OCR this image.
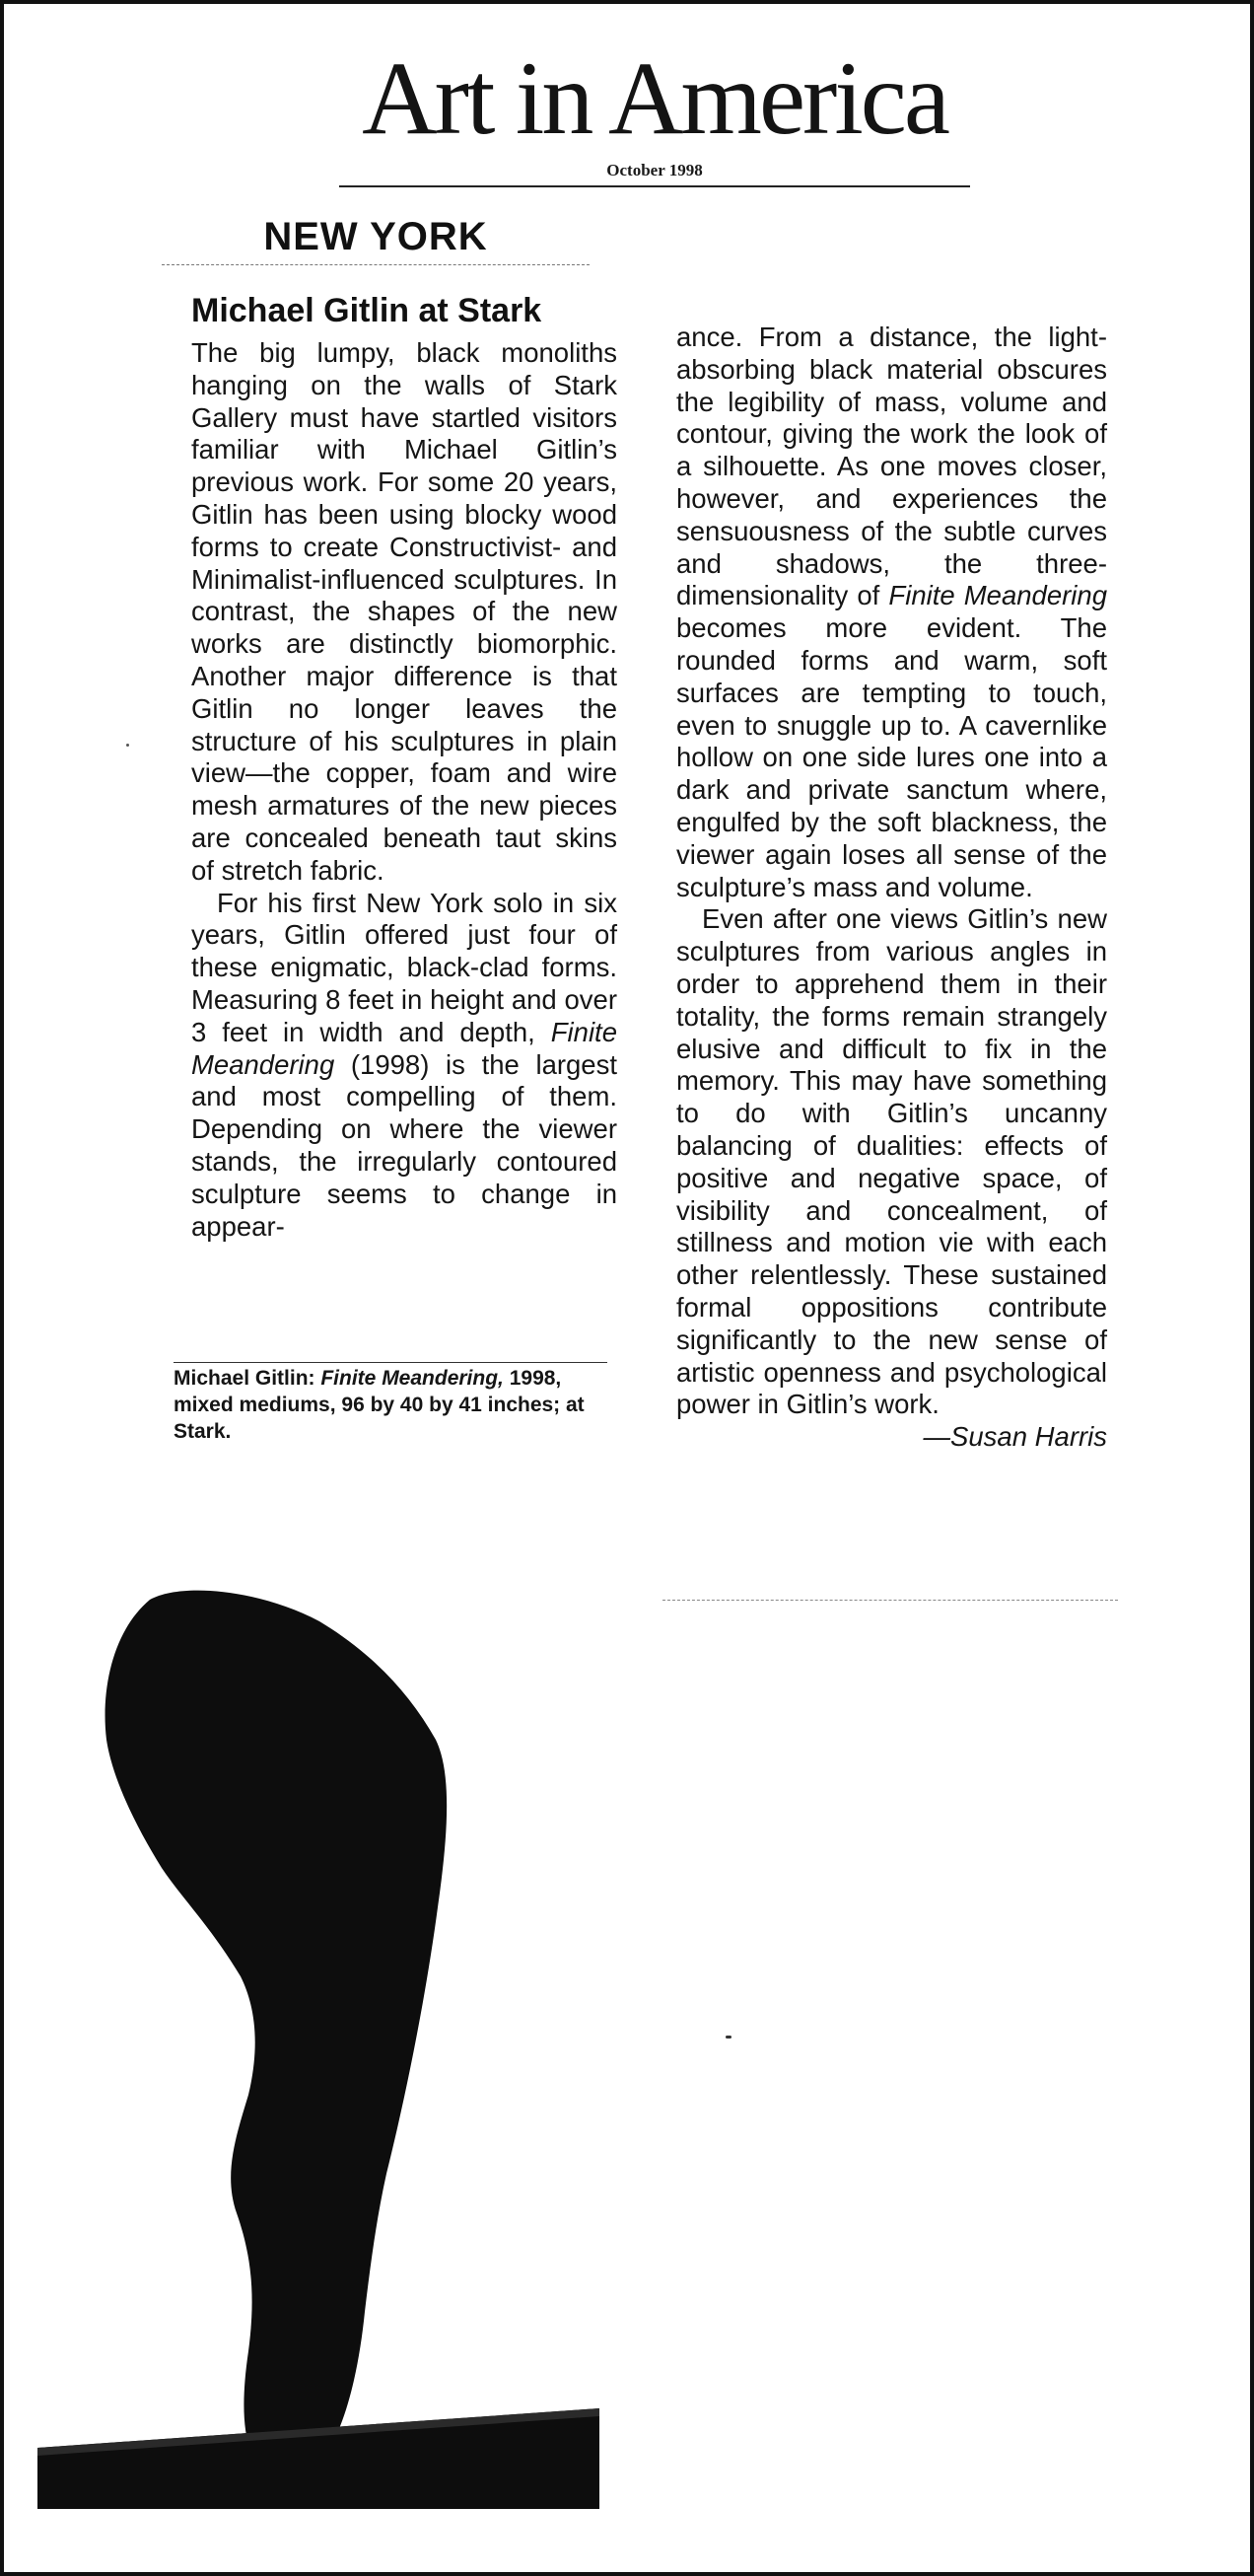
Art in America
October 1998
NEW YORK
Michael Gitlin at Stark

The big lumpy, black monoliths hanging on the walls of Stark Gallery must have startled visitors familiar with Michael Gitlin’s previous work. For some 20 years, Gitlin has been using blocky wood forms to create Constructivist- and Minimalist-influenced sculptures. In contrast, the shapes of the new works are distinctly biomorphic. Another major difference is that Gitlin no longer leaves the structure of his sculptures in plain view—the copper, foam and wire mesh armatures of the new pieces are concealed beneath taut skins of stretch fabric.

For his first New York solo in six years, Gitlin offered just four of these enigmatic, black-clad forms. Measuring 8 feet in height and over 3 feet in width and depth, Finite Meandering (1998) is the largest and most compelling of them. Depending on where the viewer stands, the irregularly contoured sculpture seems to change in appear-

ance. From a distance, the light-absorbing black material obscures the legibility of mass, volume and contour, giving the work the look of a silhouette. As one moves closer, however, and experiences the sensuousness of the subtle curves and shadows, the three-dimensionality of Finite Meandering becomes more evident. The rounded forms and warm, soft surfaces are tempting to touch, even to snuggle up to. A cavernlike hollow on one side lures one into a dark and private sanctum where, engulfed by the soft blackness, the viewer again loses all sense of the sculpture’s mass and volume.

Even after one views Gitlin’s new sculptures from various angles in order to apprehend them in their totality, the forms remain strangely elusive and difficult to fix in the memory. This may have something to do with Gitlin’s uncanny balancing of dualities: effects of positive and negative space, of visibility and concealment, of stillness and motion vie with each other relentlessly. These sustained formal oppositions contribute significantly to the new sense of artistic openness and psychological power in Gitlin’s work.

—Susan Harris

Michael Gitlin: Finite Meandering, 1998, mixed mediums, 96 by 40 by 41 inches; at Stark.
